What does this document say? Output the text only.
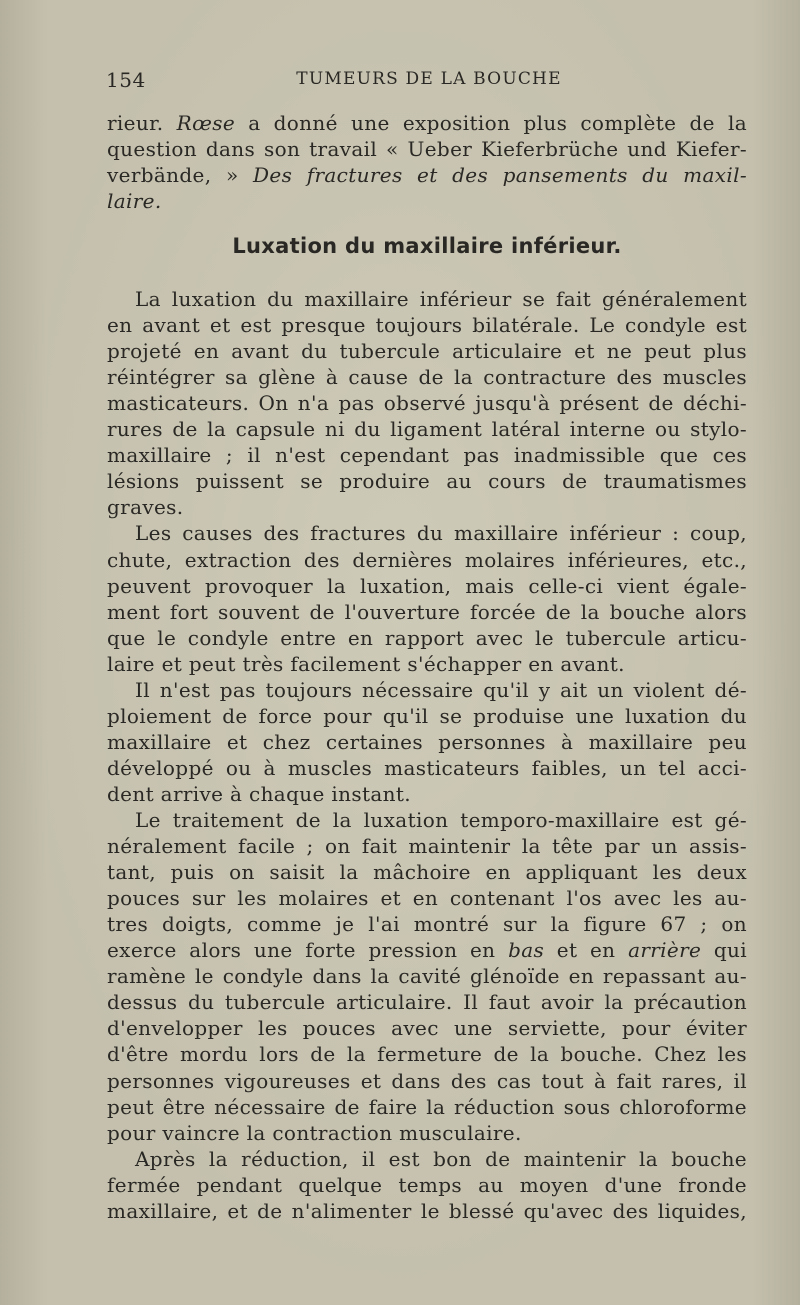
154	TUMEURS DE LA BOUCHE
rieur. Rœse a donné une exposition plus complète de la
question dans son travail « Ueber Kieferbrüche und Kiefer-
verbände, » Des fractures et des pansements du maxil-
laire.
Luxation du maxillaire inférieur.
La luxation du maxillaire inférieur se fait généralement
en avant et est presque toujours bilatérale. Le condyle est
projeté en avant du tubercule articulaire et ne peut plus
réintégrer sa glène à cause de la contracture des muscles
masticateurs. On n'a pas observé jusqu'à présent de déchi-
rures de la capsule ni du ligament latéral interne ou stylo-
maxillaire ; il n'est cependant pas inadmissible que ces
lésions puissent se produire au cours de traumatismes
graves.
Les causes des fractures du maxillaire inférieur : coup,
chute, extraction des dernières molaires inférieures, etc.,
peuvent provoquer la luxation, mais celle-ci vient égale-
ment fort souvent de l'ouverture forcée de la bouche alors
que le condyle entre en rapport avec le tubercule articu-
laire et peut très facilement s'échapper en avant.
Il n'est pas toujours nécessaire qu'il y ait un violent dé-
ploiement de force pour qu'il se produise une luxation du
maxillaire et chez certaines personnes à maxillaire peu
développé ou à muscles masticateurs faibles, un tel acci-
dent arrive à chaque instant.
Le traitement de la luxation temporo-maxillaire est gé-
néralement facile ; on fait maintenir la tête par un assis-
tant, puis on saisit la mâchoire en appliquant les deux
pouces sur les molaires et en contenant l'os avec les au-
tres doigts, comme je l'ai montré sur la figure 67 ; on
exerce alors une forte pression en bas et en arrière qui
ramène le condyle dans la cavité glénoïde en repassant au-
dessus du tubercule articulaire. Il faut avoir la précaution
d'envelopper les pouces avec une serviette, pour éviter
d'être mordu lors de la fermeture de la bouche. Chez les
personnes vigoureuses et dans des cas tout à fait rares, il
peut être nécessaire de faire la réduction sous chloroforme
pour vaincre la contraction musculaire.
Après la réduction, il est bon de maintenir la bouche
fermée pendant quelque temps au moyen d'une fronde
maxillaire, et de n'alimenter le blessé qu'avec des liquides,
